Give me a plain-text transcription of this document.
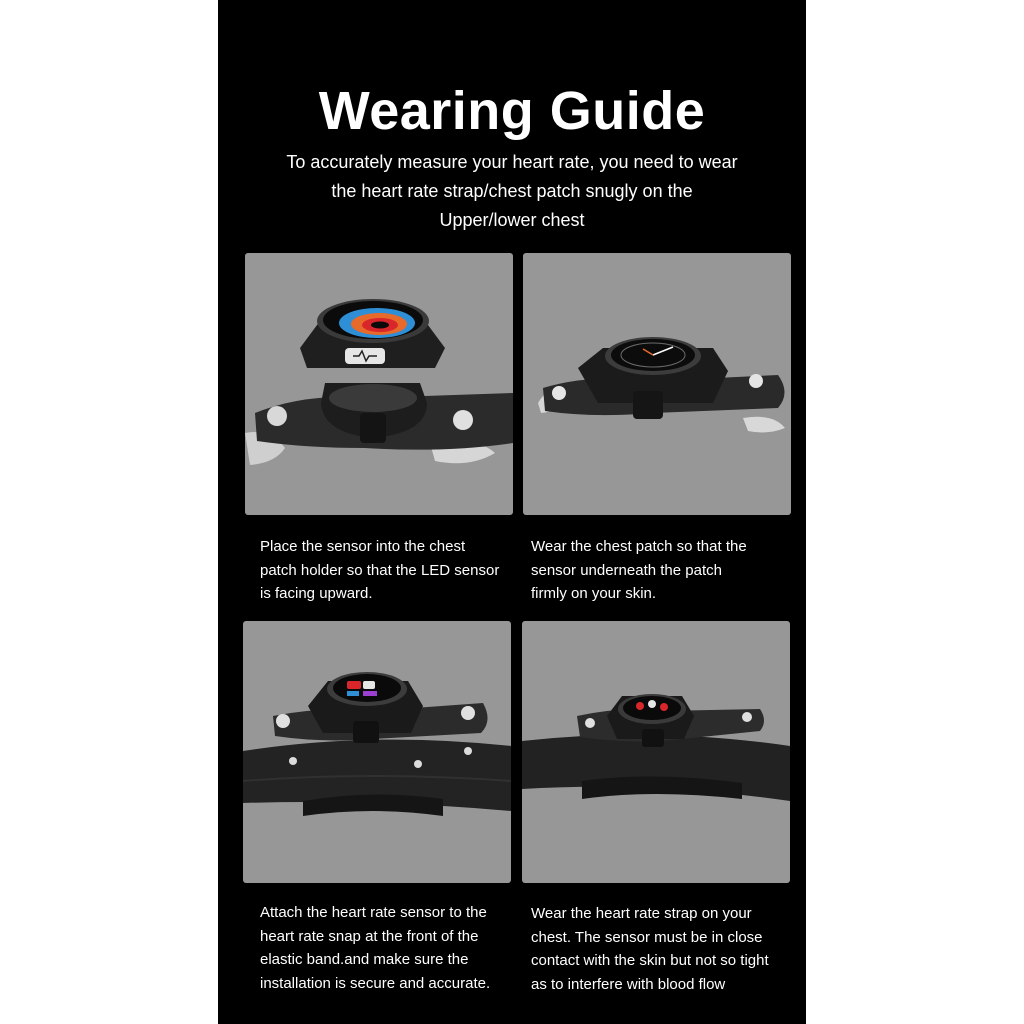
Wearing Guide

To accurately measure your heart rate, you need to wear
the heart rate strap/chest patch snugly on the
Upper/lower chest

Place the sensor into the chest
patch holder so that the LED sensor
is facing upward.

Wear the chest patch so that the
sensor underneath the patch
firmly on your skin.

Attach the heart rate sensor to the
heart rate snap at the front of the
elastic band.and make sure the
installation is secure and accurate.

Wear the heart rate strap on your
chest. The sensor must be in close
contact with the skin but not so tight
as to interfere with blood flow
